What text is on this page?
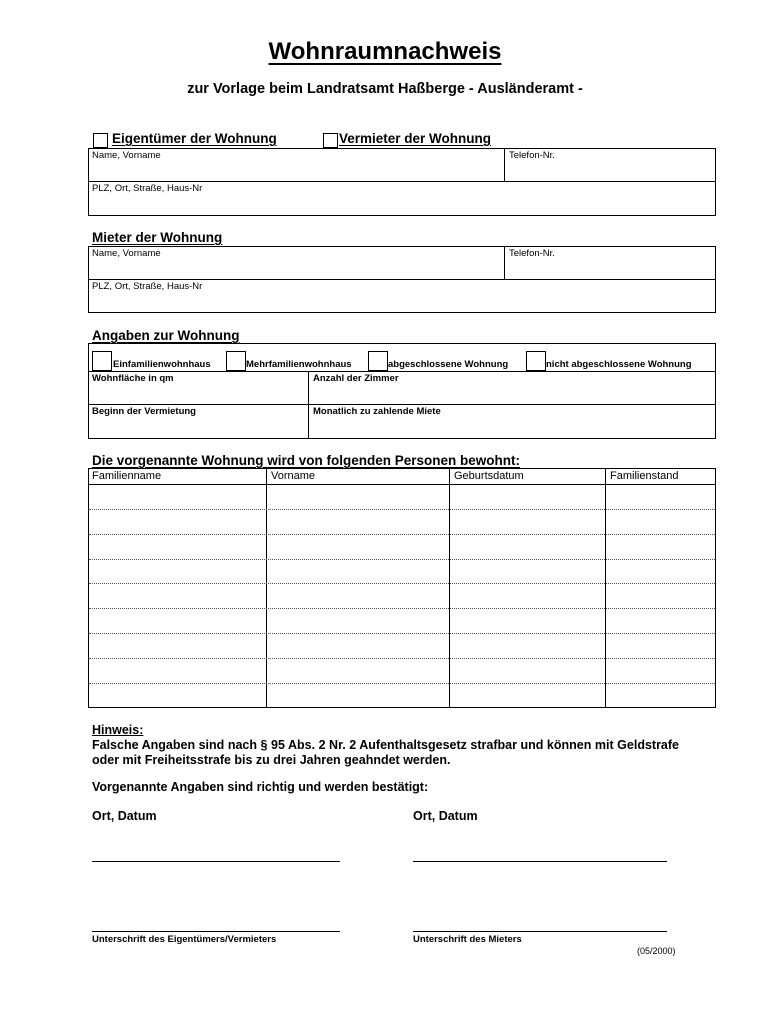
Wohnraumnachweis
zur Vorlage beim Landratsamt Haßberge - Ausländeramt -
Eigentümer der Wohnung	Vermieter der Wohnung
Name, Vorname	Telefon-Nr.
PLZ, Ort, Straße, Haus-Nr
Mieter der Wohnung
Name, Vorname	Telefon-Nr.
PLZ, Ort, Straße, Haus-Nr
Angaben zur Wohnung
Einfamilienwohnhaus	Mehrfamilienwohnhaus	abgeschlossene Wohnung	nicht abgeschlossene Wohnung
Wohnfläche in qm	Anzahl der Zimmer
Beginn der Vermietung	Monatlich zu zahlende Miete
Die vorgenannte Wohnung wird von folgenden Personen bewohnt:
Familienname	Vorname	Geburtsdatum	Familienstand
Hinweis:
Falsche Angaben sind nach § 95 Abs. 2 Nr. 2 Aufenthaltsgesetz strafbar und können mit Geldstrafe oder mit Freiheitsstrafe bis zu drei Jahren geahndet werden.
Vorgenannte Angaben sind richtig und werden bestätigt:
Ort, Datum	Ort, Datum
Unterschrift des Eigentümers/Vermieters	Unterschrift des Mieters
(05/2000)
